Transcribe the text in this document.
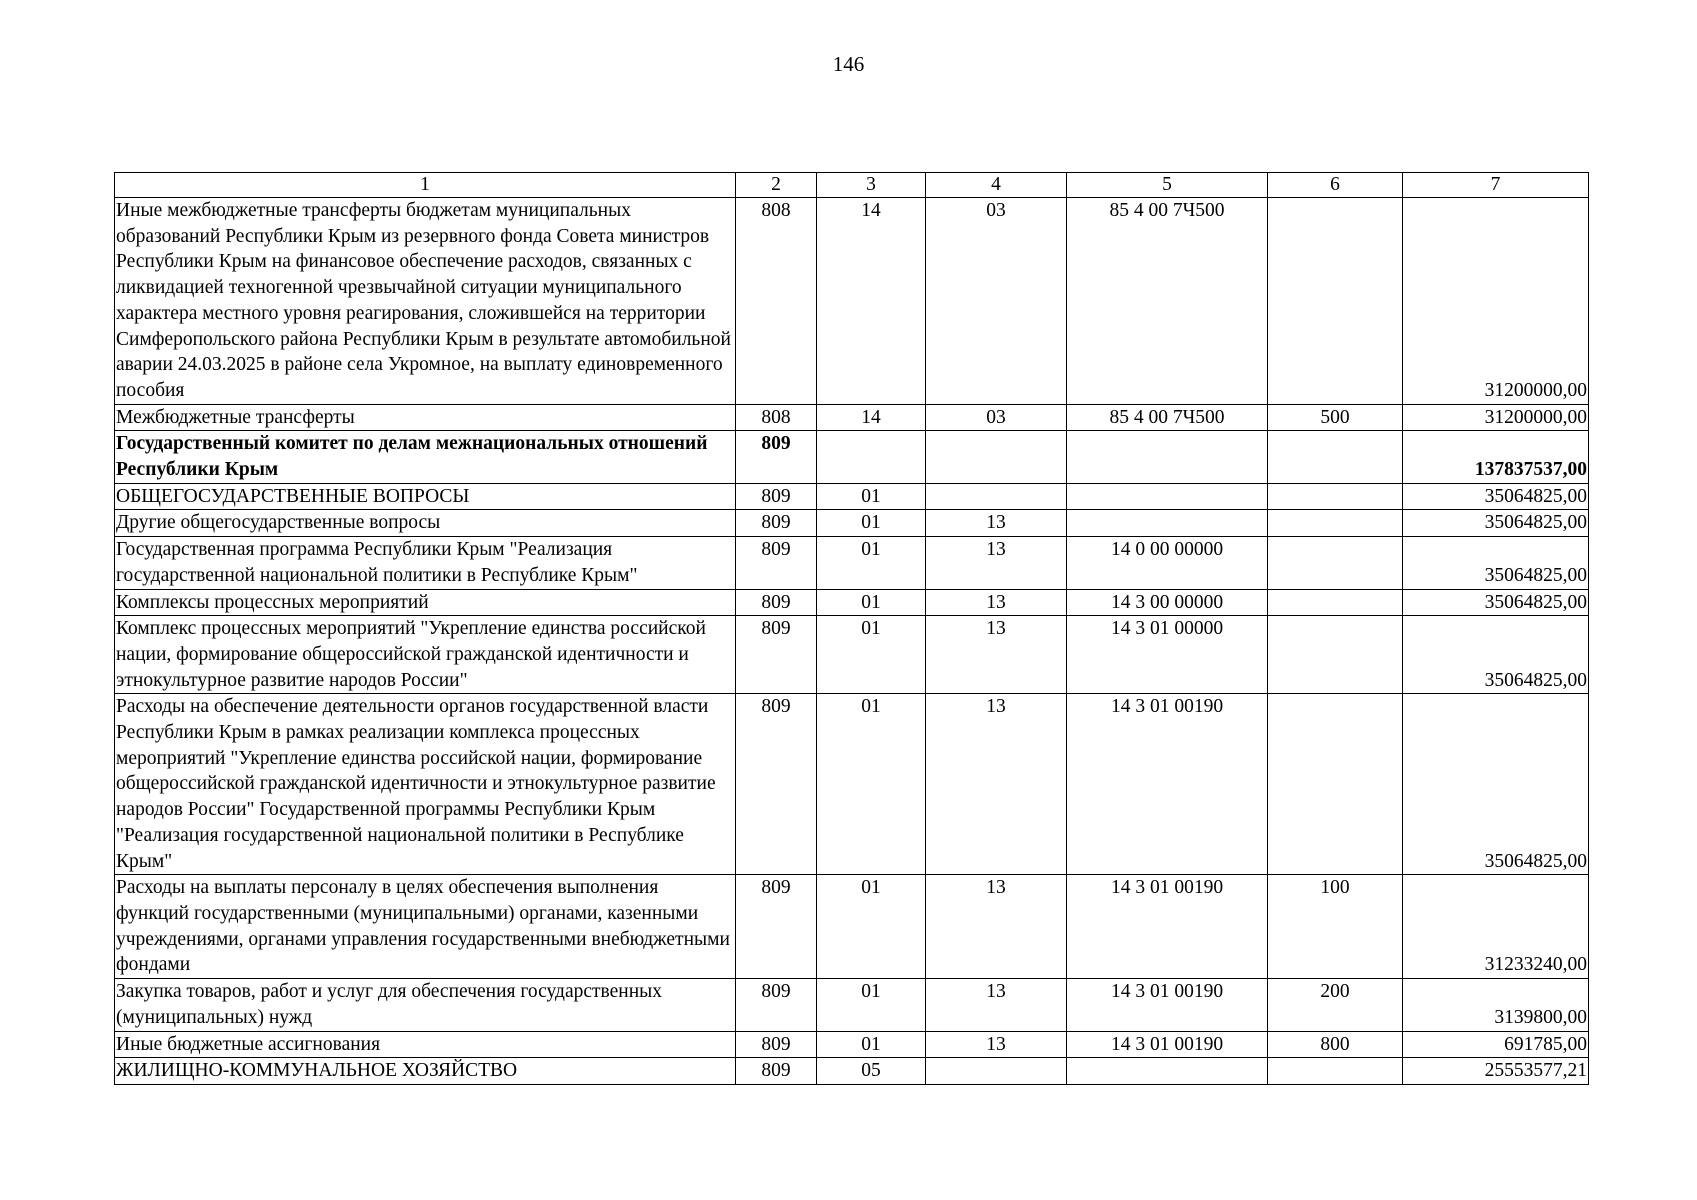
146
1	2	3	4	5	6	7
Иные межбюджетные трансферты бюджетам муниципальных образований Республики Крым из резервного фонда Совета министров Республики Крым на финансовое обеспечение расходов, связанных с ликвидацией техногенной чрезвычайной ситуации муниципального характера местного уровня реагирования, сложившейся на территории Симферопольского района Республики Крым в результате автомобильной аварии 24.03.2025 в районе села Укромное, на выплату единовременного пособия	808	14	03	85 4 00 7Ч500		31200000,00
Межбюджетные трансферты	808	14	03	85 4 00 7Ч500	500	31200000,00
Государственный комитет по делам межнациональных отношений Республики Крым	809					137837537,00
ОБЩЕГОСУДАРСТВЕННЫЕ ВОПРОСЫ	809	01				35064825,00
Другие общегосударственные вопросы	809	01	13			35064825,00
Государственная программа Республики Крым "Реализация государственной национальной политики в Республике Крым"	809	01	13	14 0 00 00000		35064825,00
Комплексы процессных мероприятий	809	01	13	14 3 00 00000		35064825,00
Комплекс процессных мероприятий "Укрепление единства российской нации, формирование общероссийской гражданской идентичности и этнокультурное развитие народов России"	809	01	13	14 3 01 00000		35064825,00
Расходы на обеспечение деятельности органов государственной власти Республики Крым в рамках реализации комплекса процессных мероприятий "Укрепление единства российской нации, формирование общероссийской гражданской идентичности и этнокультурное развитие народов России" Государственной программы Республики Крым "Реализация государственной национальной политики в Республике Крым"	809	01	13	14 3 01 00190		35064825,00
Расходы на выплаты персоналу в целях обеспечения выполнения функций государственными (муниципальными) органами, казенными учреждениями, органами управления государственными внебюджетными фондами	809	01	13	14 3 01 00190	100	31233240,00
Закупка товаров, работ и услуг для обеспечения государственных (муниципальных) нужд	809	01	13	14 3 01 00190	200	3139800,00
Иные бюджетные ассигнования	809	01	13	14 3 01 00190	800	691785,00
ЖИЛИЩНО-КОММУНАЛЬНОЕ ХОЗЯЙСТВО	809	05				25553577,21
